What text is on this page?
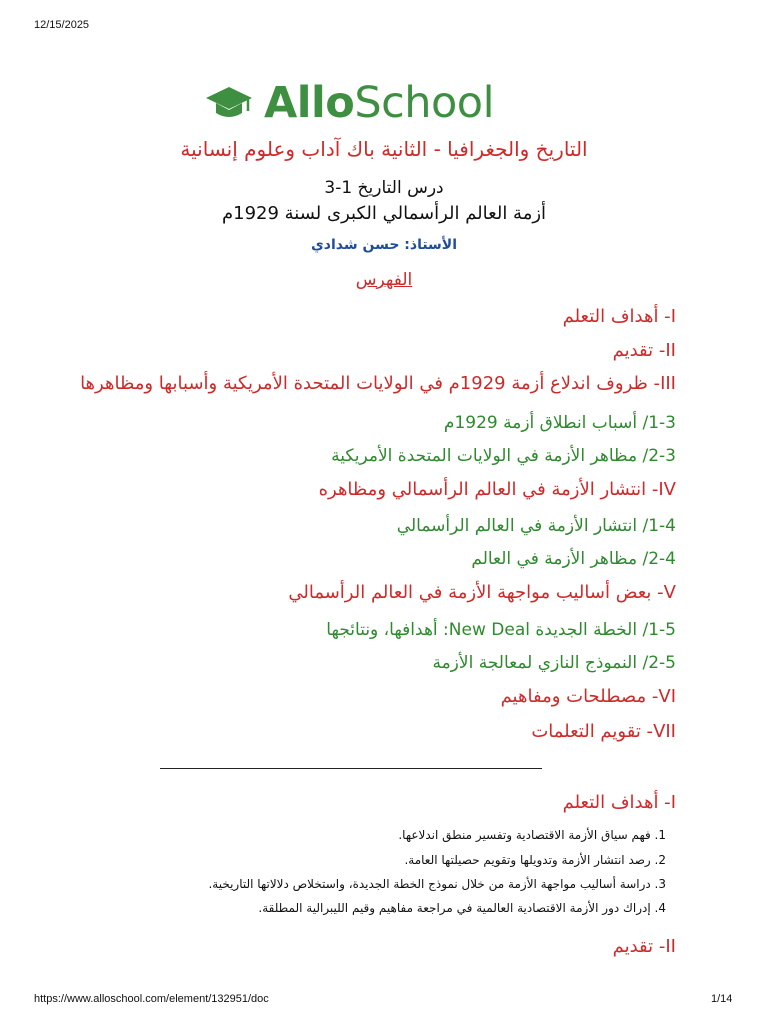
12/15/2025
AlloSchool
التاريخ والجغرافيا - الثانية باك آداب وعلوم إنسانية
درس التاريخ 1-3
أزمة العالم الرأسمالي الكبرى لسنة 1929م
الأستاذ: حسن شدادي
الفهرس
I- أهداف التعلم
II- تقديم
III- ظروف اندلاع أزمة 1929م في الولايات المتحدة الأمريكية وأسبابها ومظاهرها
1-3/ أسباب انطلاق أزمة 1929م
2-3/ مظاهر الأزمة في الولايات المتحدة الأمريكية
IV- انتشار الأزمة في العالم الرأسمالي ومظاهره
1-4/ انتشار الأزمة في العالم الرأسمالي
2-4/ مظاهر الأزمة في العالم
V- بعض أساليب مواجهة الأزمة في العالم الرأسمالي
1-5/ الخطة الجديدة New Deal: أهدافها، ونتائجها
2-5/ النموذج النازي لمعالجة الأزمة
VI- مصطلحات ومفاهيم
VII- تقويم التعلمات
I- أهداف التعلم
1. فهم سياق الأزمة الاقتصادية وتفسير منطق اندلاعها.
2. رصد انتشار الأزمة وتدويلها وتقويم حصيلتها العامة.
3. دراسة أساليب مواجهة الأزمة من خلال نموذج الخطة الجديدة، واستخلاص دلالاتها التاريخية.
4. إدراك دور الأزمة الاقتصادية العالمية في مراجعة مفاهيم وقيم الليبرالية المطلقة.
II- تقديم
https://www.alloschool.com/element/132951/doc	1/14
